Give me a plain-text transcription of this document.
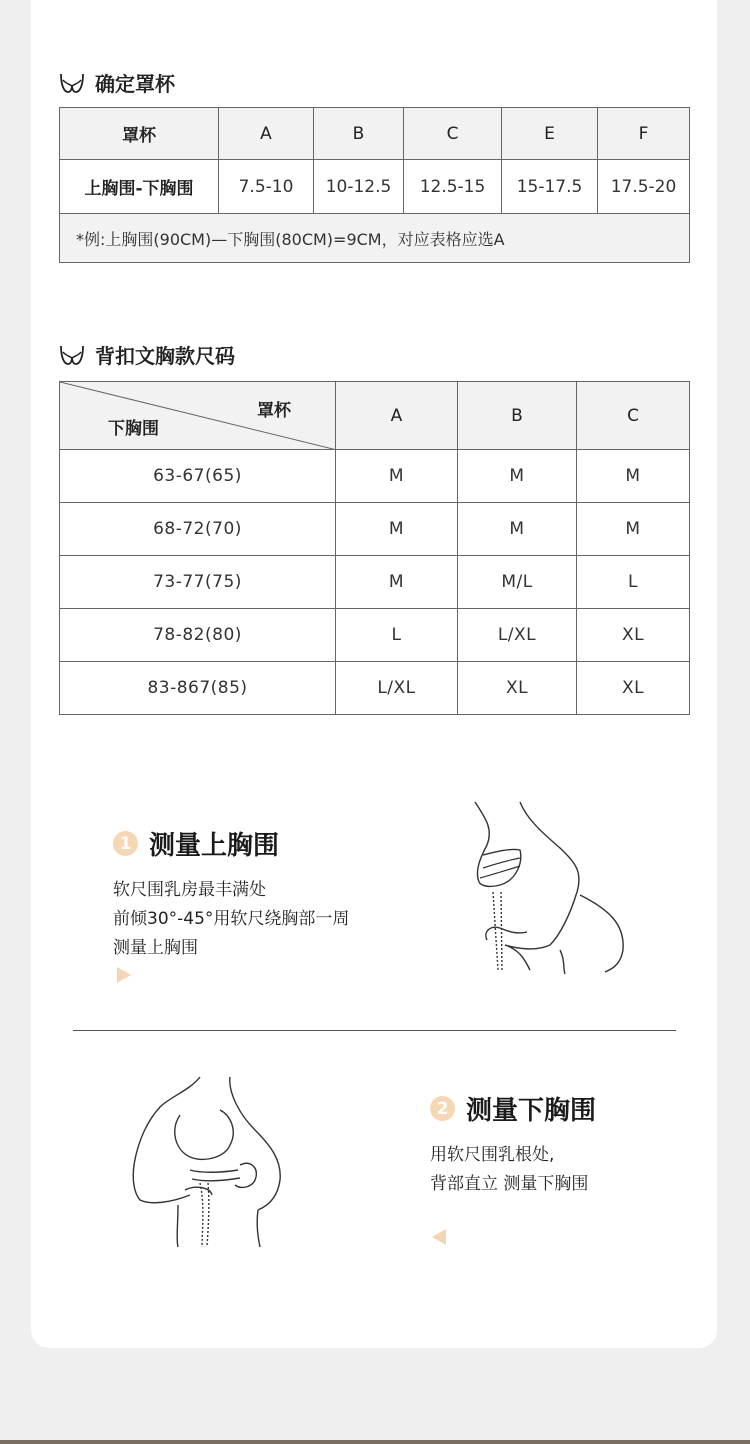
确定罩杯
罩杯	A	B	C	E	F
上胸围-下胸围	7.5-10	10-12.5	12.5-15	15-17.5	17.5-20
*例:上胸围(90CM)—下胸围(80CM)=9CM，对应表格应选A					
背扣文胸款尺码
罩杯
下胸围	A	B	C
63-67(65)	M	M	M
68-72(70)	M	M	M
73-77(75)	M	M/L	L
78-82(80)	L	L/XL	XL
83-867(85)	L/XL	XL	XL
1 测量上胸围
软尺围乳房最丰满处
前倾30°-45°用软尺绕胸部一周
测量上胸围
2 测量下胸围
用软尺围乳根处,
背部直立 测量下胸围
